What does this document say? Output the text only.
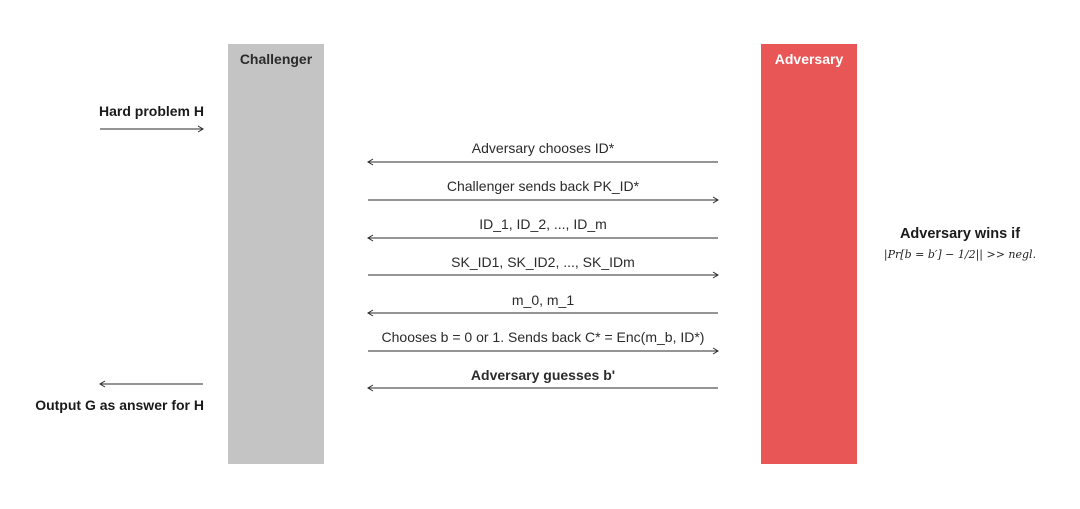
Challenger	Adversary
Hard problem H
Output G as answer for H
Adversary chooses ID*
Challenger sends back PK_ID*
ID_1, ID_2, ..., ID_m
SK_ID1, SK_ID2, ..., SK_IDm
m_0, m_1
Chooses b = 0 or 1. Sends back C* = Enc(m_b, ID*)
Adversary guesses b'
Adversary wins if
|Pr[b = b′] − 1/2|| >> negl.
